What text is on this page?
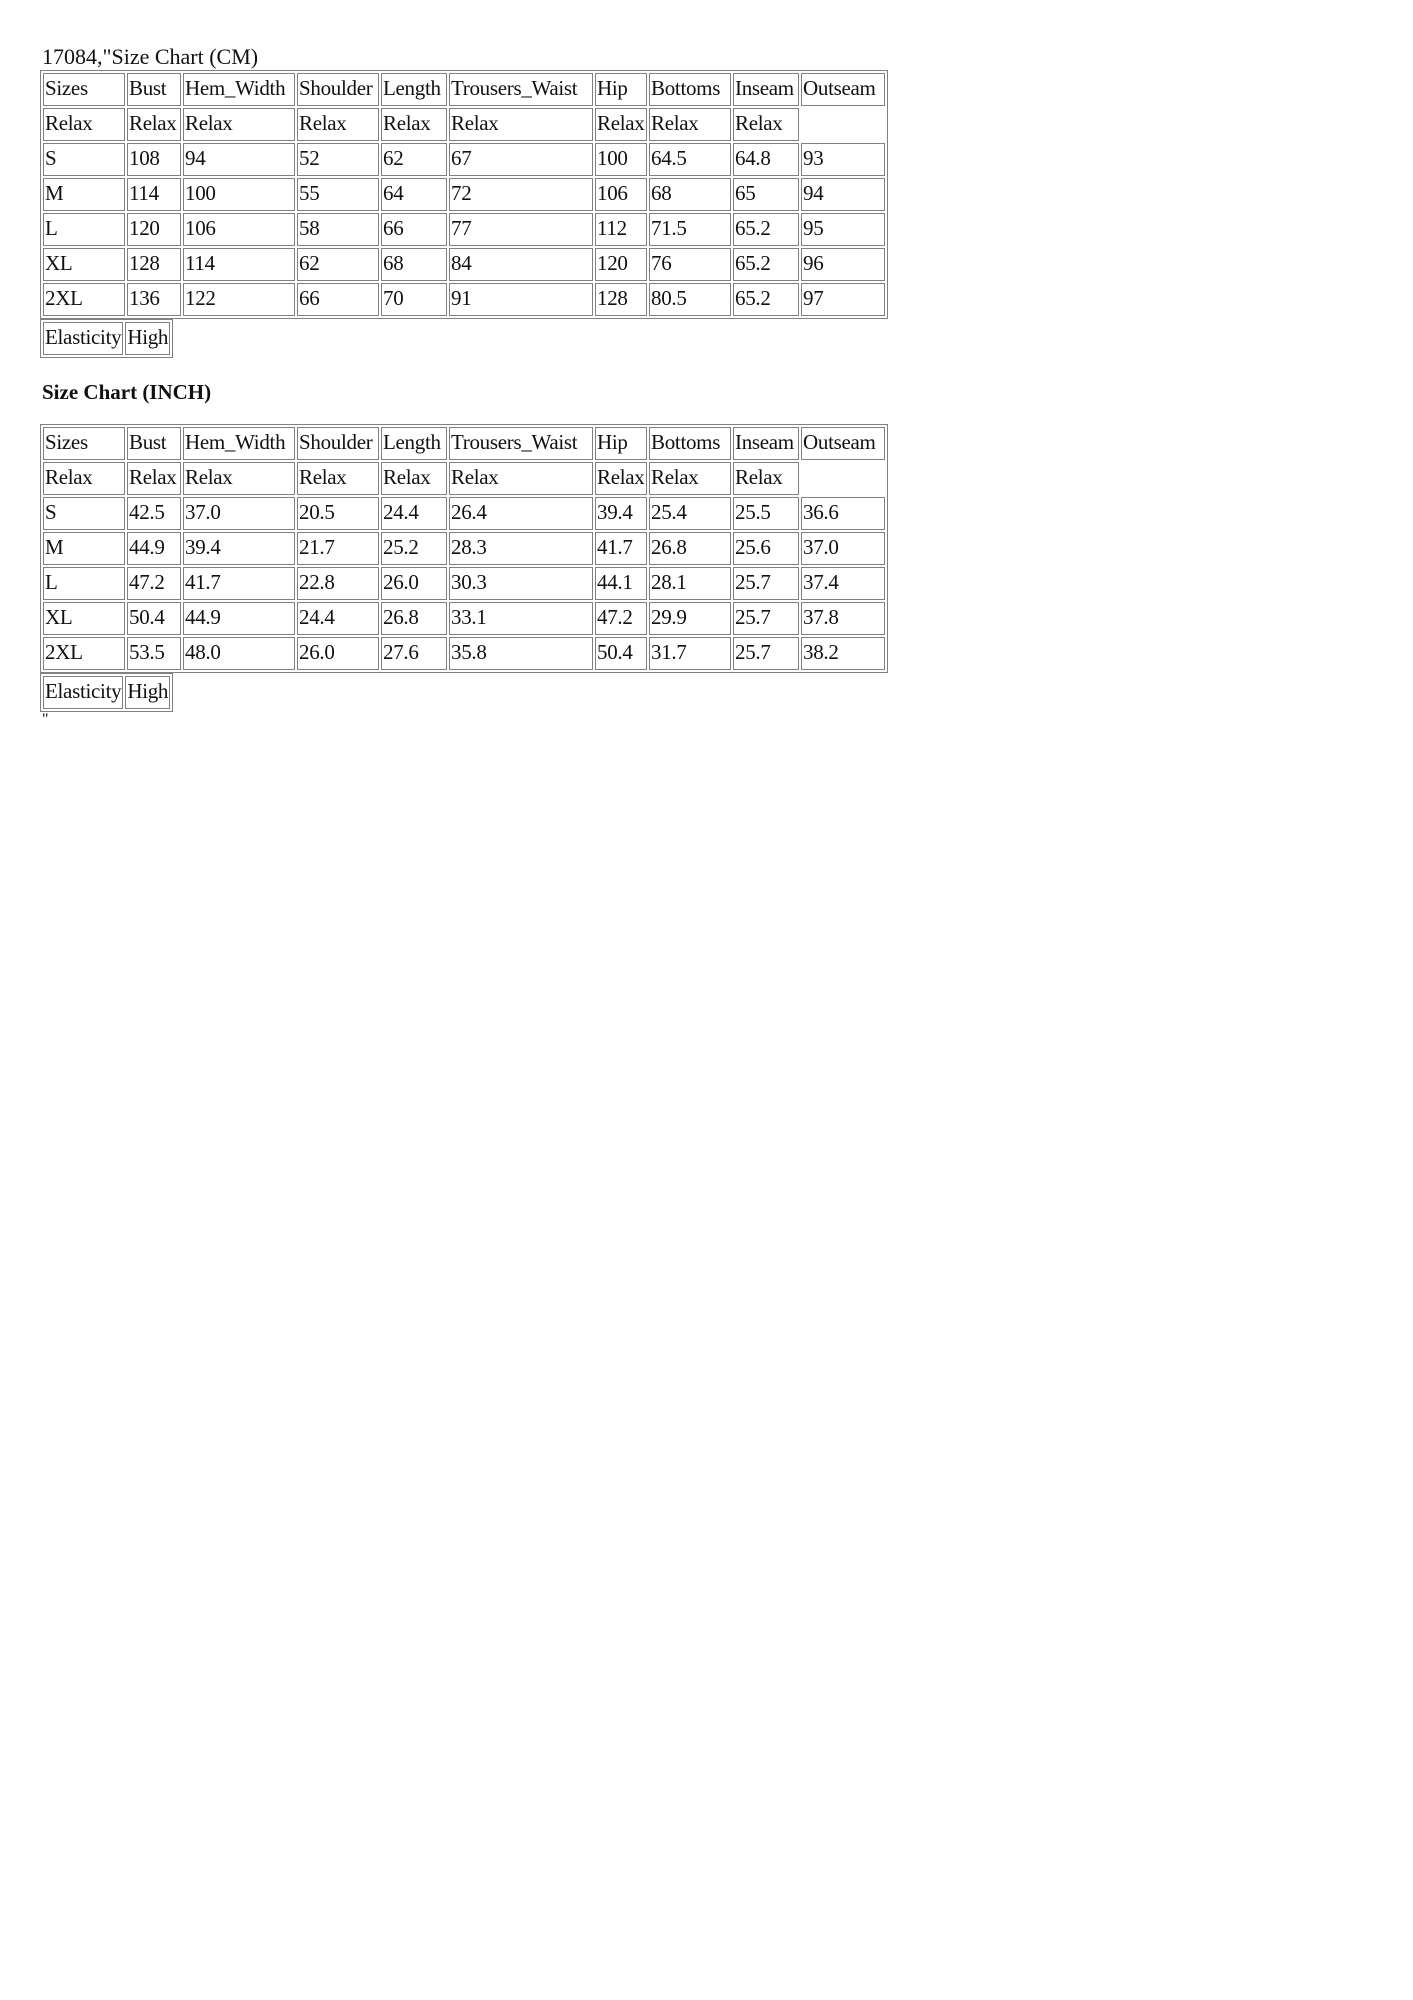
17084,"Size Chart (CM)
Sizes	Bust	Hem_Width	Shoulder	Length	Trousers_Waist	Hip	Bottoms	Inseam	Outseam
Relax	Relax	Relax	Relax	Relax	Relax	Relax	Relax	Relax	
S	108	94	52	62	67	100	64.5	64.8	93
M	114	100	55	64	72	106	68	65	94
L	120	106	58	66	77	112	71.5	65.2	95
XL	128	114	62	68	84	120	76	65.2	96
2XL	136	122	66	70	91	128	80.5	65.2	97
Elasticity	High
Size Chart (INCH)
Sizes	Bust	Hem_Width	Shoulder	Length	Trousers_Waist	Hip	Bottoms	Inseam	Outseam
Relax	Relax	Relax	Relax	Relax	Relax	Relax	Relax	Relax	
S	42.5	37.0	20.5	24.4	26.4	39.4	25.4	25.5	36.6
M	44.9	39.4	21.7	25.2	28.3	41.7	26.8	25.6	37.0
L	47.2	41.7	22.8	26.0	30.3	44.1	28.1	25.7	37.4
XL	50.4	44.9	24.4	26.8	33.1	47.2	29.9	25.7	37.8
2XL	53.5	48.0	26.0	27.6	35.8	50.4	31.7	25.7	38.2
Elasticity	High
"
